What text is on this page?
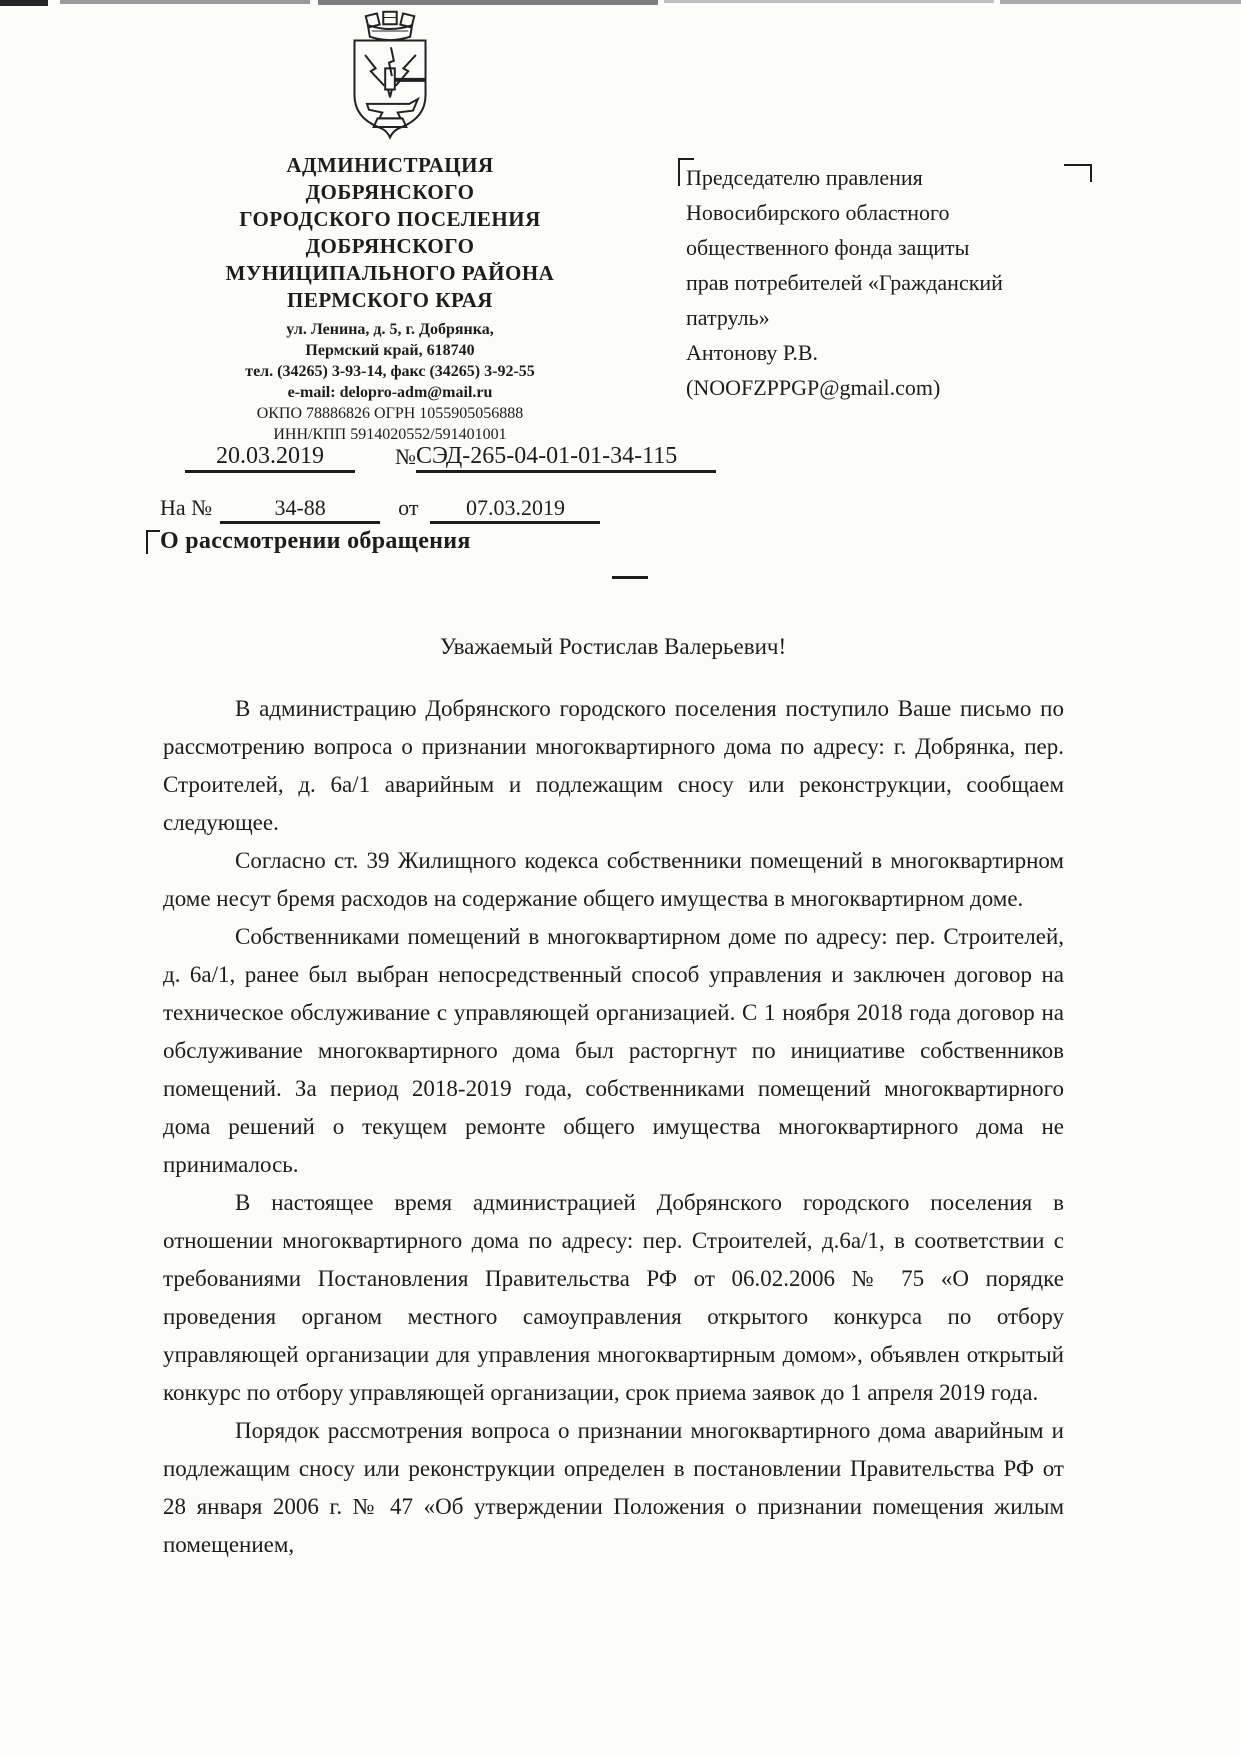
АДМИНИСТРАЦИЯ
ДОБРЯНСКОГО
ГОРОДСКОГО ПОСЕЛЕНИЯ
ДОБРЯНСКОГО
МУНИЦИПАЛЬНОГО РАЙОНА
ПЕРМСКОГО КРАЯ
ул. Ленина, д. 5, г. Добрянка,
Пермский край, 618740
тел. (34265) 3-93-14, факс (34265) 3-92-55
e-mail: delopro-adm@mail.ru
ОКПО 78886826 ОГРН 1055905056888
ИНН/КПП 5914020552/591401001
Председателю правления
Новосибирского областного
общественного фонда защиты
прав потребителей «Гражданский
патруль»
Антонову Р.В.
(NOOFZPPGP@gmail.com)
20.03.2019	№ СЭД-265-04-01-01-34-115
На №	34-88	от	07.03.2019
О рассмотрении обращения
Уважаемый Ростислав Валерьевич!

В администрацию Добрянского городского поселения поступило Ваше письмо по рассмотрению вопроса о признании многоквартирного дома по адресу: г. Добрянка, пер. Строителей, д. 6а/1 аварийным и подлежащим сносу или реконструкции, сообщаем следующее.

Согласно ст. 39 Жилищного кодекса собственники помещений в многоквартирном доме несут бремя расходов на содержание общего имущества в многоквартирном доме.

Собственниками помещений в многоквартирном доме по адресу: пер. Строителей, д. 6а/1, ранее был выбран непосредственный способ управления и заключен договор на техническое обслуживание с управляющей организацией. С 1 ноября 2018 года договор на обслуживание многоквартирного дома был расторгнут по инициативе собственников помещений. За период 2018-2019 года, собственниками помещений многоквартирного дома решений о текущем ремонте общего имущества многоквартирного дома не принималось.

В настоящее время администрацией Добрянского городского поселения в отношении многоквартирного дома по адресу: пер. Строителей, д.6а/1, в соответствии с требованиями Постановления Правительства РФ от 06.02.2006 № 75 «О порядке проведения органом местного самоуправления открытого конкурса по отбору управляющей организации для управления многоквартирным домом», объявлен открытый конкурс по отбору управляющей организации, срок приема заявок до 1 апреля 2019 года.

Порядок рассмотрения вопроса о признании многоквартирного дома аварийным и подлежащим сносу или реконструкции определен в постановлении Правительства РФ от 28 января 2006 г. № 47 «Об утверждении Положения о признании помещения жилым помещением,
